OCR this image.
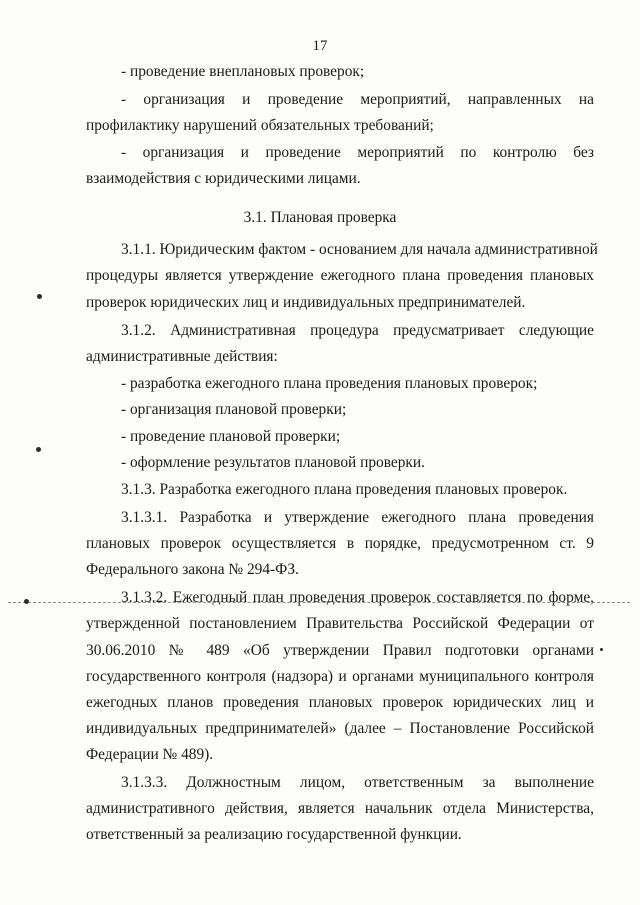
17
- проведение внеплановых проверок;
- организация и проведение мероприятий, направленных на
профилактику нарушений обязательных требований;
- организация и проведение мероприятий по контролю без
взаимодействия с юридическими лицами.
3.1. Плановая проверка
3.1.1. Юридическим фактом - основанием для начала административной
процедуры является утверждение ежегодного плана проведения плановых
проверок юридических лиц и индивидуальных предпринимателей.
3.1.2. Административная процедура предусматривает следующие
административные действия:
- разработка ежегодного плана проведения плановых проверок;
- организация плановой проверки;
- проведение плановой проверки;
- оформление результатов плановой проверки.
3.1.3. Разработка ежегодного плана проведения плановых проверок.
3.1.3.1. Разработка и утверждение ежегодного плана проведения
плановых проверок осуществляется в порядке, предусмотренном ст. 9
Федерального закона № 294-ФЗ.
3.1.3.2. Ежегодный план проведения проверок составляется по форме,
утвержденной постановлением Правительства Российской Федерации от
30.06.2010 № 489 «Об утверждении Правил подготовки органами
государственного контроля (надзора) и органами муниципального контроля
ежегодных планов проведения плановых проверок юридических лиц и
индивидуальных предпринимателей» (далее – Постановление Российской
Федерации № 489).
3.1.3.3. Должностным лицом, ответственным за выполнение
административного действия, является начальник отдела Министерства,
ответственный за реализацию государственной функции.
